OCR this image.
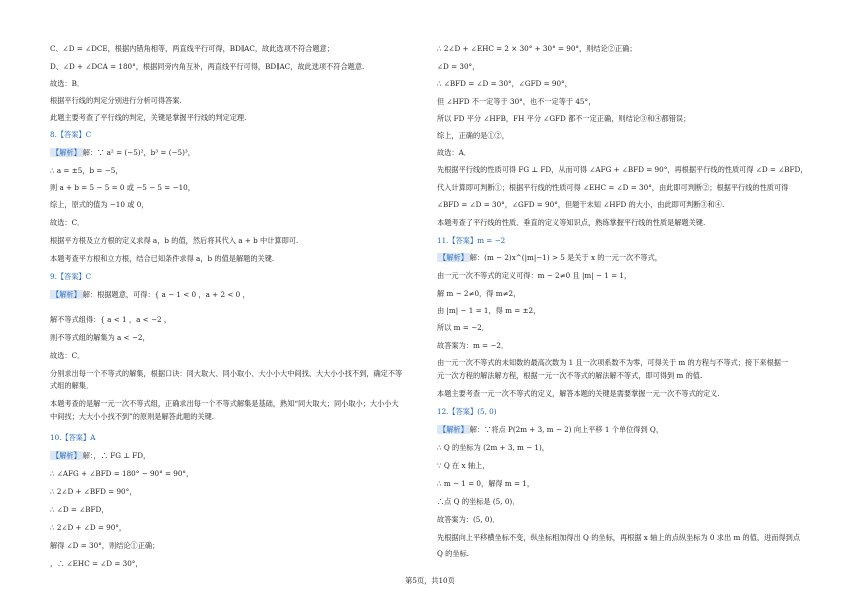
C、∠D = ∠DCE，根据内错角相等，两直线平行可得，BD∥AC，故此选项不符合题意；
D、∠D + ∠DCA = 180°，根据同旁内角互补，两直线平行可得，BD∥AC，故此选项不符合题意.
故选：B．
根据平行线的判定分别进行分析可得答案.
此题主要考查了平行线的判定，关键是掌握平行线的判定定理.
8.【答案】C
【解析】 解：∵ a² = (−5)²，b³ = (−5)³，
∴ a = ±5，b = −5，
则 a + b = 5 − 5 = 0 或 −5 − 5 = −10，
综上，原式的值为 −10 或 0，
故选：C．
根据平方根及立方根的定义求得 a，b 的值，然后将其代入 a + b 中计算即可.
本题考查平方根和立方根，结合已知条件求得 a，b 的值是解题的关键.
9.【答案】C
【解析】 解：根据题意，可得：{ a − 1 < 0 ，a + 2 < 0 ，
解不等式组得：{ a < 1 ，a < −2 ，
则不等式组的解集为 a < −2，
故选：C．
分别求出每一个不等式的解集，根据口诀：同大取大、同小取小、大小小大中间找、大大小小找不到，确定不等
式组的解集．
本题考查的是解一元一次不等式组，正确求出每一个不等式解集是基础，熟知“同大取大；同小取小；大小小大
中间找；大大小小找不到”的原则是解答此题的关键.
10.【答案】A
【解析】 解：，∴ FG ⊥ FD，
∴ ∠AFG + ∠BFD = 180° − 90° = 90°，
∴ 2∠D + ∠BFD = 90°，
∴ ∠D = ∠BFD，
∴ 2∠D + ∠D = 90°，
解得 ∠D = 30°，则结论①正确；
，∴ ∠EHC = ∠D = 30°，
∴ 2∠D + ∠EHC = 2 × 30° + 30° = 90°，则结论②正确；
∠D = 30°，
∴ ∠BFD = ∠D = 30°，∠GFD = 90°，
但 ∠HFD 不一定等于 30°，也不一定等于 45°，
所以 FD 平分 ∠HFB，FH 平分 ∠GFD 都不一定正确，则结论③和④都错误；
综上，正确的是①②，
故选：A．
先根据平行线的性质可得 FG ⊥ FD，从而可得 ∠AFG + ∠BFD = 90°，再根据平行线的性质可得 ∠D = ∠BFD，
代入计算即可判断①；根据平行线的性质可得 ∠EHC = ∠D = 30°，由此即可判断②；根据平行线的性质可得
∠BFD = ∠D = 30°，∠GFD = 90°，但题干未知 ∠HFD 的大小，由此即可判断③和④.
本题考查了平行线的性质、垂直的定义等知识点，熟练掌握平行线的性质是解题关键.
11.【答案】m = −2
【解析】 解：(m − 2)x^(|m|−1) > 5 是关于 x 的一元一次不等式，
由一元一次不等式的定义可得：m − 2≠0 且 |m| − 1 = 1，
解 m − 2≠0，得 m≠2，
由 |m| − 1 = 1，得 m = ±2，
所以 m = −2．
故答案为：m = −2．
由一元一次不等式的未知数的最高次数为 1 且一次项系数不为零，可得关于 m 的方程与不等式；接下来根据一
元一次方程的解法解方程，根据一元一次不等式的解法解不等式，即可得到 m 的值.
本题主要考查一元一次不等式的定义，解答本题的关键是需要掌握一元一次不等式的定义.
12.【答案】(5, 0)
【解析】 解：∵将点 P(2m + 3, m − 2) 向上平移 1 个单位得到 Q，
∴ Q 的坐标为 (2m + 3, m − 1)，
∵ Q 在 x 轴上，
∴ m − 1 = 0，解得 m = 1，
∴点 Q 的坐标是 (5, 0)．
故答案为：(5, 0)．
先根据向上平移横坐标不变，纵坐标相加得出 Q 的坐标，再根据 x 轴上的点纵坐标为 0 求出 m 的值，进而得到点
Q 的坐标.
第5页，共10页
